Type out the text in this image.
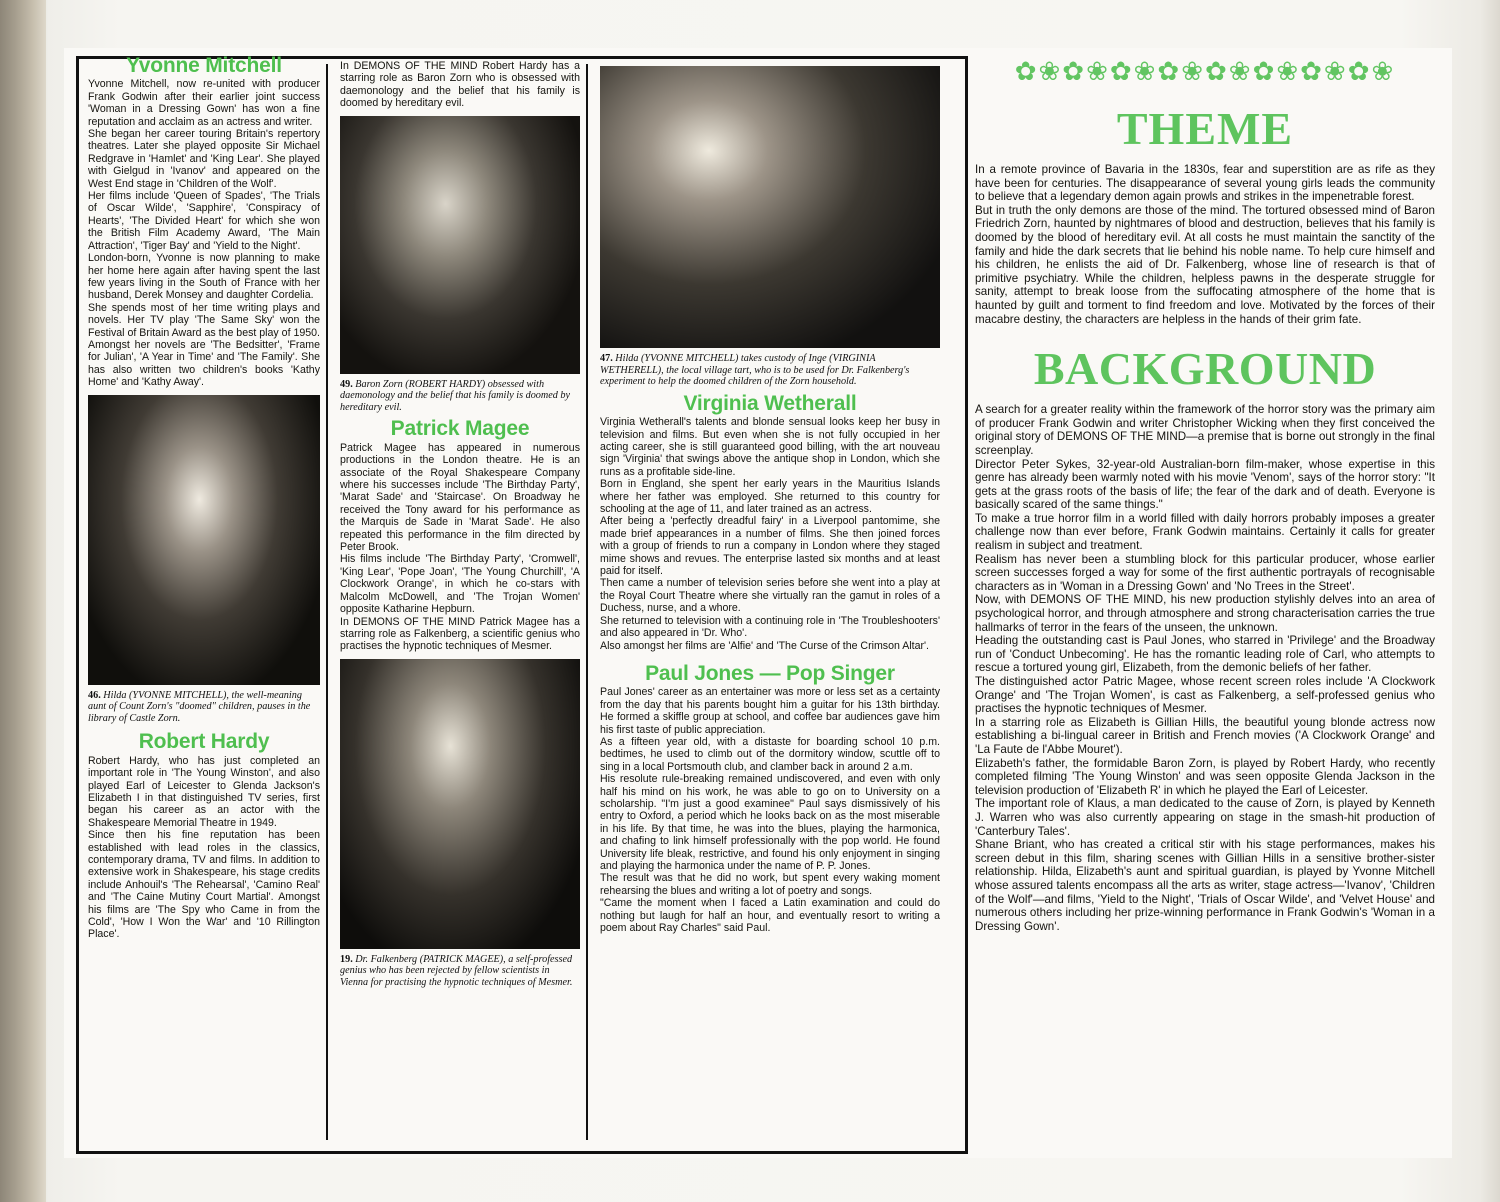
Yvonne Mitchell

Yvonne Mitchell, now re-united with producer Frank Godwin after their earlier joint success 'Woman in a Dressing Gown' has won a fine reputation and acclaim as an actress and writer.

She began her career touring Britain's repertory theatres. Later she played opposite Sir Michael Redgrave in 'Hamlet' and 'King Lear'. She played with Gielgud in 'Ivanov' and appeared on the West End stage in 'Children of the Wolf'.

Her films include 'Queen of Spades', 'The Trials of Oscar Wilde', 'Sapphire', 'Conspiracy of Hearts', 'The Divided Heart' for which she won the British Film Academy Award, 'The Main Attraction', 'Tiger Bay' and 'Yield to the Night'.

London-born, Yvonne is now planning to make her home here again after having spent the last few years living in the South of France with her husband, Derek Monsey and daughter Cordelia.

She spends most of her time writing plays and novels. Her TV play 'The Same Sky' won the Festival of Britain Award as the best play of 1950. Amongst her novels are 'The Bedsitter', 'Frame for Julian', 'A Year in Time' and 'The Family'. She has also written two children's books 'Kathy Home' and 'Kathy Away'.

46. Hilda (YVONNE MITCHELL), the well-meaning aunt of Count Zorn's "doomed" children, pauses in the library of Castle Zorn.
Robert Hardy

Robert Hardy, who has just completed an important role in 'The Young Winston', and also played Earl of Leicester to Glenda Jackson's Elizabeth I in that distinguished TV series, first began his career as an actor with the Shakespeare Memorial Theatre in 1949.

Since then his fine reputation has been established with lead roles in the classics, contemporary drama, TV and films. In addition to extensive work in Shakespeare, his stage credits include Anhouil's 'The Rehearsal', 'Camino Real' and 'The Caine Mutiny Court Martial'. Amongst his films are 'The Spy who Came in from the Cold', 'How I Won the War' and '10 Rillington Place'.

In DEMONS OF THE MIND Robert Hardy has a starring role as Baron Zorn who is obsessed with daemonology and the belief that his family is doomed by hereditary evil.

49. Baron Zorn (ROBERT HARDY) obsessed with daemonology and the belief that his family is doomed by hereditary evil.
Patrick Magee

Patrick Magee has appeared in numerous productions in the London theatre. He is an associate of the Royal Shakespeare Company where his successes include 'The Birthday Party', 'Marat Sade' and 'Staircase'. On Broadway he received the Tony award for his performance as the Marquis de Sade in 'Marat Sade'. He also repeated this performance in the film directed by Peter Brook.

His films include 'The Birthday Party', 'Cromwell', 'King Lear', 'Pope Joan', 'The Young Churchill', 'A Clockwork Orange', in which he co-stars with Malcolm McDowell, and 'The Trojan Women' opposite Katharine Hepburn.

In DEMONS OF THE MIND Patrick Magee has a starring role as Falkenberg, a scientific genius who practises the hypnotic techniques of Mesmer.

19. Dr. Falkenberg (PATRICK MAGEE), a self-professed genius who has been rejected by fellow scientists in Vienna for practising the hypnotic techniques of Mesmer.
47. Hilda (YVONNE MITCHELL) takes custody of Inge (VIRGINIA WETHERELL), the local village tart, who is to be used for Dr. Falkenberg's experiment to help the doomed children of the Zorn household.
Virginia Wetherall

Virginia Wetherall's talents and blonde sensual looks keep her busy in television and films. But even when she is not fully occupied in her acting career, she is still guaranteed good billing, with the art nouveau sign 'Virginia' that swings above the antique shop in London, which she runs as a profitable side-line.

Born in England, she spent her early years in the Mauritius Islands where her father was employed. She returned to this country for schooling at the age of 11, and later trained as an actress.

After being a 'perfectly dreadful fairy' in a Liverpool pantomime, she made brief appearances in a number of films. She then joined forces with a group of friends to run a company in London where they staged mime shows and revues. The enterprise lasted six months and at least paid for itself.

Then came a number of television series before she went into a play at the Royal Court Theatre where she virtually ran the gamut in roles of a Duchess, nurse, and a whore.

She returned to television with a continuing role in 'The Troubleshooters' and also appeared in 'Dr. Who'.

Also amongst her films are 'Alfie' and 'The Curse of the Crimson Altar'.

Paul Jones — Pop Singer

Paul Jones' career as an entertainer was more or less set as a certainty from the day that his parents bought him a guitar for his 13th birthday. He formed a skiffle group at school, and coffee bar audiences gave him his first taste of public appreciation.

As a fifteen year old, with a distaste for boarding school 10 p.m. bedtimes, he used to climb out of the dormitory window, scuttle off to sing in a local Portsmouth club, and clamber back in around 2 a.m.

His resolute rule-breaking remained undiscovered, and even with only half his mind on his work, he was able to go on to University on a scholarship. "I'm just a good examinee" Paul says dismissively of his entry to Oxford, a period which he looks back on as the most miserable in his life. By that time, he was into the blues, playing the harmonica, and chafing to link himself professionally with the pop world. He found University life bleak, restrictive, and found his only enjoyment in singing and playing the harmonica under the name of P. P. Jones.

The result was that he did no work, but spent every waking moment rehearsing the blues and writing a lot of poetry and songs.

"Came the moment when I faced a Latin examination and could do nothing but laugh for half an hour, and eventually resort to writing a poem about Ray Charles" said Paul.

✿❀✿❀✿❀✿❀✿❀✿❀✿❀✿❀
THEME

In a remote province of Bavaria in the 1830s, fear and superstition are as rife as they have been for centuries. The disappearance of several young girls leads the community to believe that a legendary demon again prowls and strikes in the impenetrable forest.

But in truth the only demons are those of the mind. The tortured obsessed mind of Baron Friedrich Zorn, haunted by nightmares of blood and destruction, believes that his family is doomed by the blood of hereditary evil. At all costs he must maintain the sanctity of the family and hide the dark secrets that lie behind his noble name. To help cure himself and his children, he enlists the aid of Dr. Falkenberg, whose line of research is that of primitive psychiatry. While the children, helpless pawns in the desperate struggle for sanity, attempt to break loose from the suffocating atmosphere of the home that is haunted by guilt and torment to find freedom and love. Motivated by the forces of their macabre destiny, the characters are helpless in the hands of their grim fate.

BACKGROUND

A search for a greater reality within the framework of the horror story was the primary aim of producer Frank Godwin and writer Christopher Wicking when they first conceived the original story of DEMONS OF THE MIND—a premise that is borne out strongly in the final screenplay.

Director Peter Sykes, 32-year-old Australian-born film-maker, whose expertise in this genre has already been warmly noted with his movie 'Venom', says of the horror story: "It gets at the grass roots of the basis of life; the fear of the dark and of death. Everyone is basically scared of the same things."

To make a true horror film in a world filled with daily horrors probably imposes a greater challenge now than ever before, Frank Godwin maintains. Certainly it calls for greater realism in subject and treatment.

Realism has never been a stumbling block for this particular producer, whose earlier screen successes forged a way for some of the first authentic portrayals of recognisable characters as in 'Woman in a Dressing Gown' and 'No Trees in the Street'.

Now, with DEMONS OF THE MIND, his new production stylishly delves into an area of psychological horror, and through atmosphere and strong characterisation carries the true hallmarks of terror in the fears of the unseen, the unknown.

Heading the outstanding cast is Paul Jones, who starred in 'Privilege' and the Broadway run of 'Conduct Unbecoming'. He has the romantic leading role of Carl, who attempts to rescue a tortured young girl, Elizabeth, from the demonic beliefs of her father.

The distinguished actor Patric Magee, whose recent screen roles include 'A Clockwork Orange' and 'The Trojan Women', is cast as Falkenberg, a self-professed genius who practises the hypnotic techniques of Mesmer.

In a starring role as Elizabeth is Gillian Hills, the beautiful young blonde actress now establishing a bi-lingual career in British and French movies ('A Clockwork Orange' and 'La Faute de l'Abbe Mouret').

Elizabeth's father, the formidable Baron Zorn, is played by Robert Hardy, who recently completed filming 'The Young Winston' and was seen opposite Glenda Jackson in the television production of 'Elizabeth R' in which he played the Earl of Leicester.

The important role of Klaus, a man dedicated to the cause of Zorn, is played by Kenneth J. Warren who was also currently appearing on stage in the smash-hit production of 'Canterbury Tales'.

Shane Briant, who has created a critical stir with his stage performances, makes his screen debut in this film, sharing scenes with Gillian Hills in a sensitive brother-sister relationship. Hilda, Elizabeth's aunt and spiritual guardian, is played by Yvonne Mitchell whose assured talents encompass all the arts as writer, stage actress—'Ivanov', 'Children of the Wolf'—and films, 'Yield to the Night', 'Trials of Oscar Wilde', and 'Velvet House' and numerous others including her prize-winning performance in Frank Godwin's 'Woman in a Dressing Gown'.
